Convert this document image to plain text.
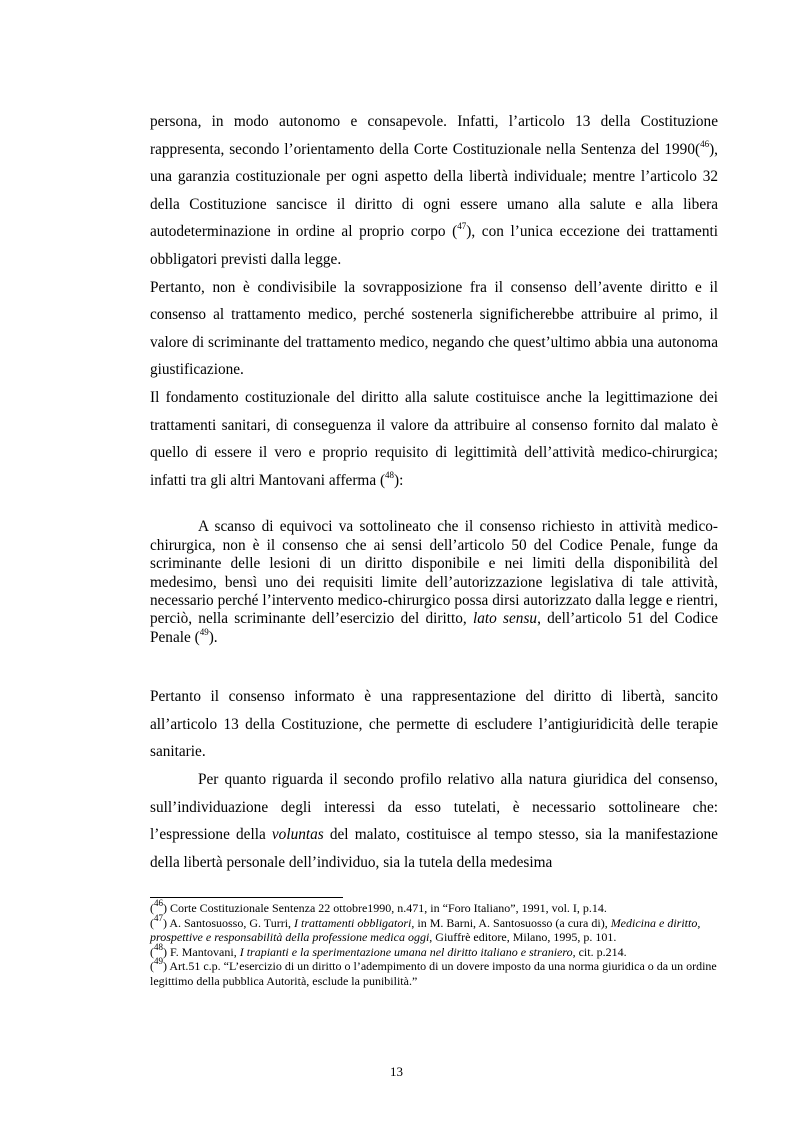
persona, in modo autonomo e consapevole. Infatti, l’articolo 13 della Costituzione rappresenta, secondo l’orientamento della Corte Costituzionale nella Sentenza del 1990($^{46}$), una garanzia costituzionale per ogni aspetto della libertà individuale; mentre l’articolo 32 della Costituzione sancisce il diritto di ogni essere umano alla salute e alla libera autodeterminazione in ordine al proprio corpo ($^{47}$), con l’unica eccezione dei trattamenti obbligatori previsti dalla legge.

Pertanto, non è condivisibile la sovrapposizione fra il consenso dell’avente diritto e il consenso al trattamento medico, perché sostenerla significherebbe attribuire al primo, il valore di scriminante del trattamento medico, negando che quest’ultimo abbia una autonoma giustificazione.

Il fondamento costituzionale del diritto alla salute costituisce anche la legittimazione dei trattamenti sanitari, di conseguenza il valore da attribuire al consenso fornito dal malato è quello di essere il vero e proprio requisito di legittimità dell’attività medico-chirurgica; infatti tra gli altri Mantovani afferma ($^{48}$):

A scanso di equivoci va sottolineato che il consenso richiesto in attività medico-chirurgica, non è il consenso che ai sensi dell’articolo 50 del Codice Penale, funge da scriminante delle lesioni di un diritto disponibile e nei limiti della disponibilità del medesimo, bensì uno dei requisiti limite dell’autorizzazione legislativa di tale attività, necessario perché l’intervento medico-chirurgico possa dirsi autorizzato dalla legge e rientri, perciò, nella scriminante dell’esercizio del diritto, lato sensu, dell’articolo 51 del Codice Penale ($^{49}$).

Pertanto il consenso informato è una rappresentazione del diritto di libertà, sancito all’articolo 13 della Costituzione, che permette di escludere l’antigiuridicità delle terapie sanitarie.

Per quanto riguarda il secondo profilo relativo alla natura giuridica del consenso, sull’individuazione degli interessi da esso tutelati, è necessario sottolineare che: l’espressione della voluntas del malato, costituisce al tempo stesso, sia la manifestazione della libertà personale dell’individuo, sia la tutela della medesima

($^{46}$) Corte Costituzionale Sentenza 22 ottobre1990, n.471, in “Foro Italiano”, 1991, vol. I, p.14.

($^{47}$) A. Santosuosso, G. Turri, I trattamenti obbligatori, in M. Barni, A. Santosuosso (a cura di), Medicina e diritto, prospettive e responsabilità della professione medica oggi, Giuffrè editore, Milano, 1995, p. 101.

($^{48}$) F. Mantovani, I trapianti e la sperimentazione umana nel diritto italiano e straniero, cit. p.214.

($^{49}$) Art.51 c.p. “L’esercizio di un diritto o l’adempimento di un dovere imposto da una norma giuridica o da un ordine legittimo della pubblica Autorità, esclude la punibilità.”

13
